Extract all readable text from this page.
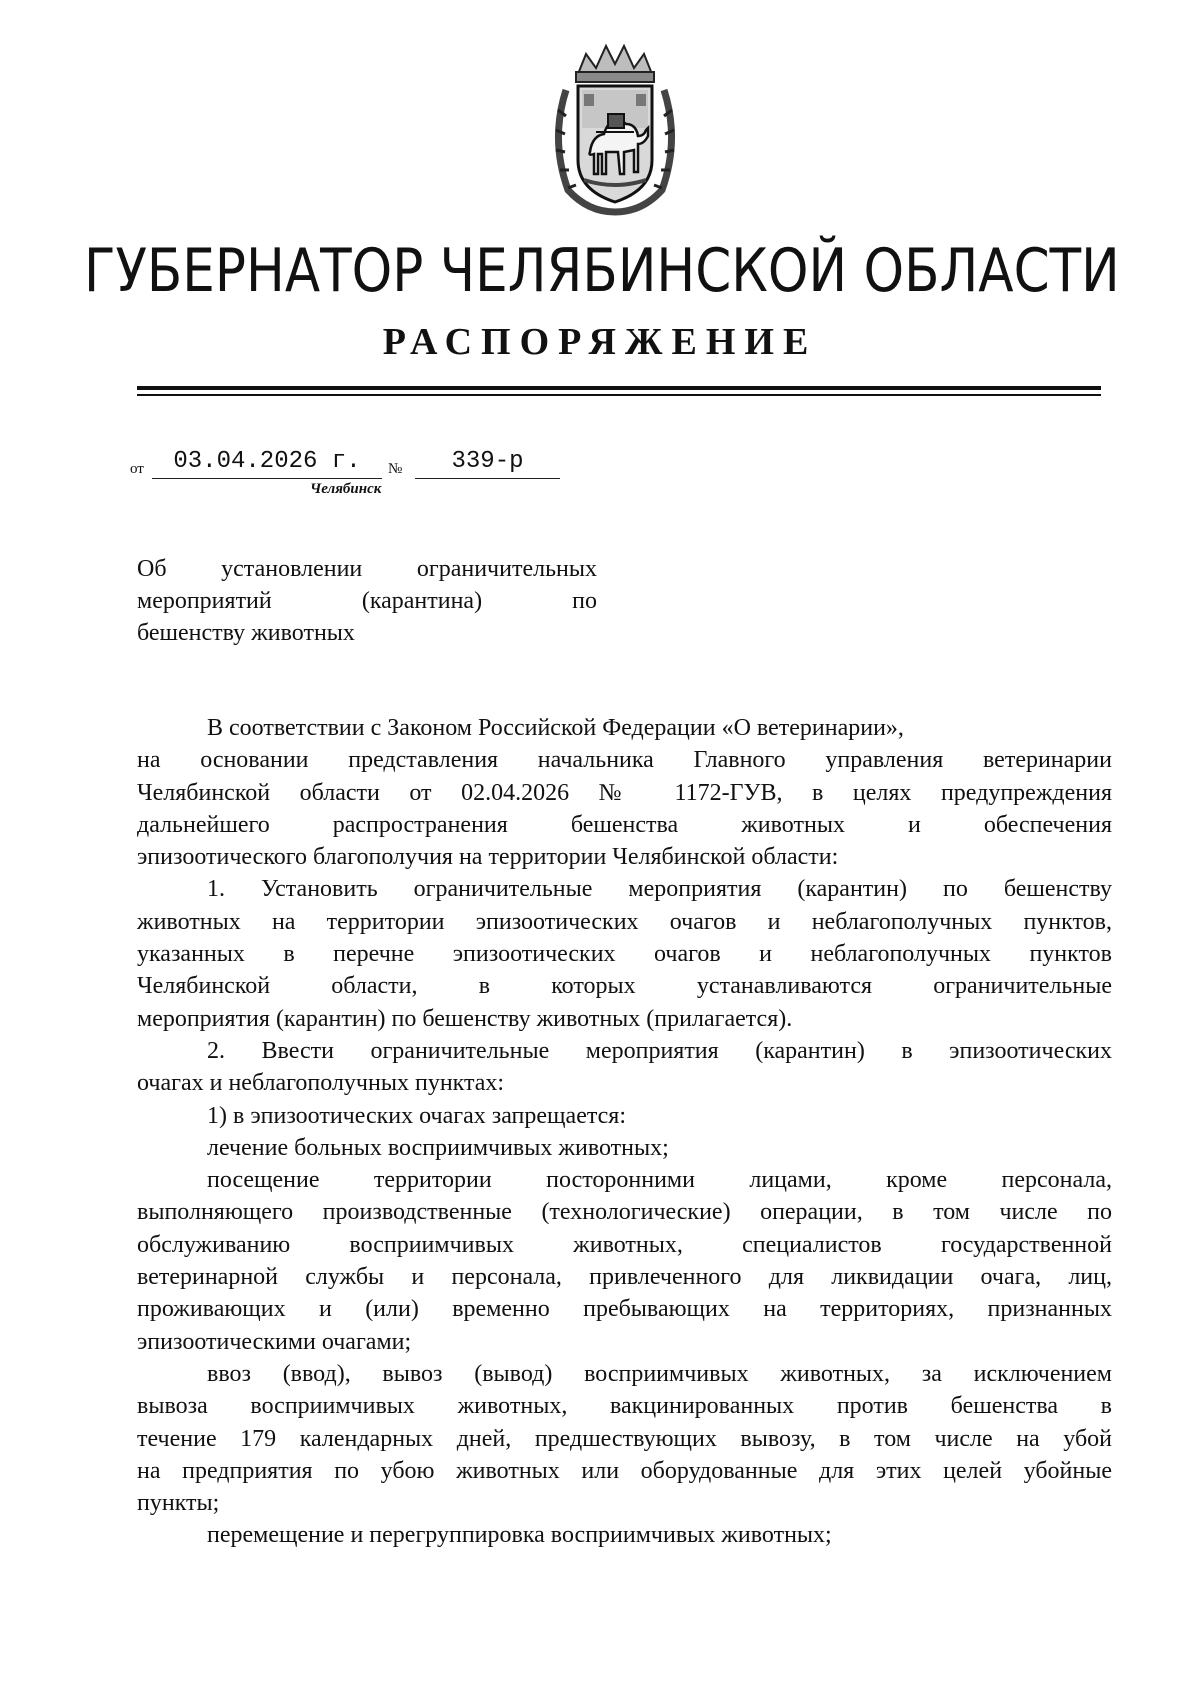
ГУБЕРНАТОР ЧЕЛЯБИНСКОЙ ОБЛАСТИ
РАСПОРЯЖЕНИЕ
от	03.04.2026 г.	№	339-р
Челябинск
Об установлении ограничительных
мероприятий (карантина) по
бешенству животных
В соответствии с Законом Российской Федерации «О ветеринарии»,
на основании представления начальника Главного управления ветеринарии
Челябинской области от 02.04.2026 № 1172-ГУВ, в целях предупреждения
дальнейшего распространения бешенства животных и обеспечения
эпизоотического благополучия на территории Челябинской области:
1. Установить ограничительные мероприятия (карантин) по бешенству
животных на территории эпизоотических очагов и неблагополучных пунктов,
указанных в перечне эпизоотических очагов и неблагополучных пунктов
Челябинской области, в которых устанавливаются ограничительные
мероприятия (карантин) по бешенству животных (прилагается).
2. Ввести ограничительные мероприятия (карантин) в эпизоотических
очагах и неблагополучных пунктах:
1) в эпизоотических очагах запрещается:
лечение больных восприимчивых животных;
посещение территории посторонними лицами, кроме персонала,
выполняющего производственные (технологические) операции, в том числе по
обслуживанию восприимчивых животных, специалистов государственной
ветеринарной службы и персонала, привлеченного для ликвидации очага, лиц,
проживающих и (или) временно пребывающих на территориях, признанных
эпизоотическими очагами;
ввоз (ввод), вывоз (вывод) восприимчивых животных, за исключением
вывоза восприимчивых животных, вакцинированных против бешенства в
течение 179 календарных дней, предшествующих вывозу, в том числе на убой
на предприятия по убою животных или оборудованные для этих целей убойные
пункты;
перемещение и перегруппировка восприимчивых животных;
